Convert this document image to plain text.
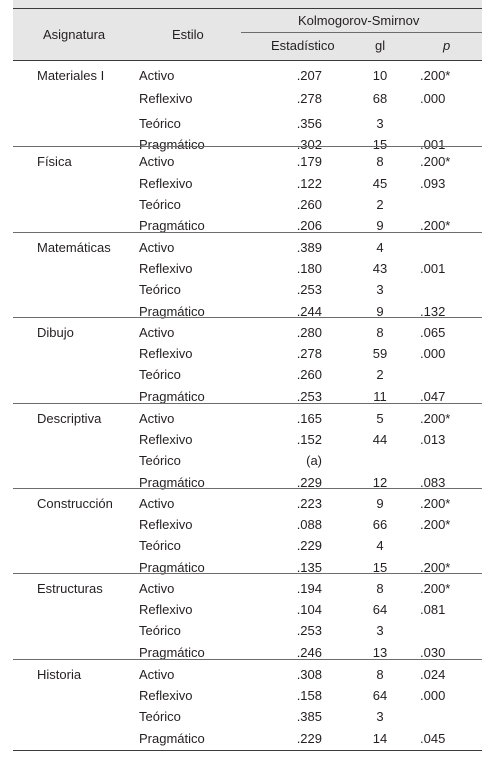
Asignatura	Estilo
Kolmogorov-Smirnov
Estadístico	gl	p
Materiales I	Activo	.207	10	.200*
Reflexivo	.278	68	.000
Teórico	.356	3
Pragmático	.302	15	.001
Física	Activo	.179	8	.200*
Reflexivo	.122	45	.093
Teórico	.260	2
Pragmático	.206	9	.200*
Matemáticas Activo	.389	4
Reflexivo	.180	43	.001
Teórico	.253	3
Pragmático	.244	9	.132
Dibujo	Activo	.280	8	.065
Reflexivo	.278	59	.000
Teórico	.260	2
Pragmático	.253	11	.047
Descriptiva	Activo	.165	5	.200*
Reflexivo	.152	44	.013
Teórico	(a)
Pragmático	.229	12	.083
Construcción Activo	.223	9	.200*
Reflexivo	.088	66	.200*
Teórico	.229	4
Pragmático	.135	15	.200*
Estructuras	Activo	.194	8	.200*
Reflexivo	.104	64	.081
Teórico	.253	3
Pragmático	.246	13	.030
Historia	Activo	.308	8	.024
Reflexivo	.158	64	.000
Teórico	.385	3
Pragmático	.229	14	.045
